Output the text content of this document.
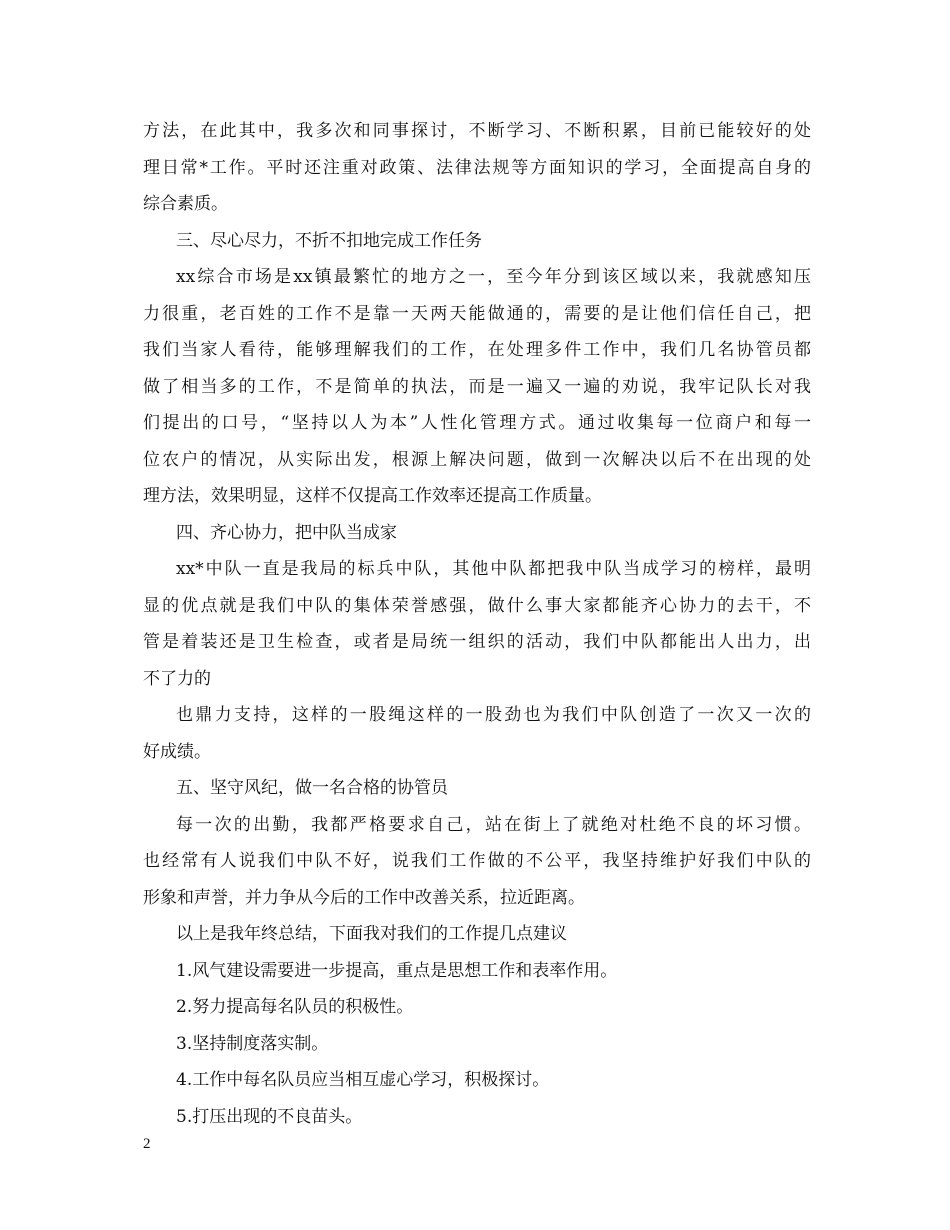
方法，在此其中，我多次和同事探讨，不断学习、不断积累，目前已能较好的处
理日常*工作。平时还注重对政策、法律法规等方面知识的学习，全面提高自身的
综合素质。
三、尽心尽力，不折不扣地完成工作任务
xx综合市场是xx镇最繁忙的地方之一，至今年分到该区域以来，我就感知压
力很重，老百姓的工作不是靠一天两天能做通的，需要的是让他们信任自己，把
我们当家人看待，能够理解我们的工作，在处理多件工作中，我们几名协管员都
做了相当多的工作，不是简单的执法，而是一遍又一遍的劝说，我牢记队长对我
们提出的口号，“坚持以人为本”人性化管理方式。通过收集每一位商户和每一
位农户的情况，从实际出发，根源上解决问题，做到一次解决以后不在出现的处
理方法，效果明显，这样不仅提高工作效率还提高工作质量。
四、齐心协力，把中队当成家
xx*中队一直是我局的标兵中队，其他中队都把我中队当成学习的榜样，最明
显的优点就是我们中队的集体荣誉感强，做什么事大家都能齐心协力的去干，不
管是着装还是卫生检查，或者是局统一组织的活动，我们中队都能出人出力，出
不了力的
也鼎力支持，这样的一股绳这样的一股劲也为我们中队创造了一次又一次的
好成绩。
五、坚守风纪，做一名合格的协管员
每一次的出勤，我都严格要求自己，站在街上了就绝对杜绝不良的坏习惯。
也经常有人说我们中队不好，说我们工作做的不公平，我坚持维护好我们中队的
形象和声誉，并力争从今后的工作中改善关系，拉近距离。
以上是我年终总结，下面我对我们的工作提几点建议
1.风气建设需要进一步提高，重点是思想工作和表率作用。
2.努力提高每名队员的积极性。
3.坚持制度落实制。
4.工作中每名队员应当相互虚心学习，积极探讨。
5.打压出现的不良苗头。
2
